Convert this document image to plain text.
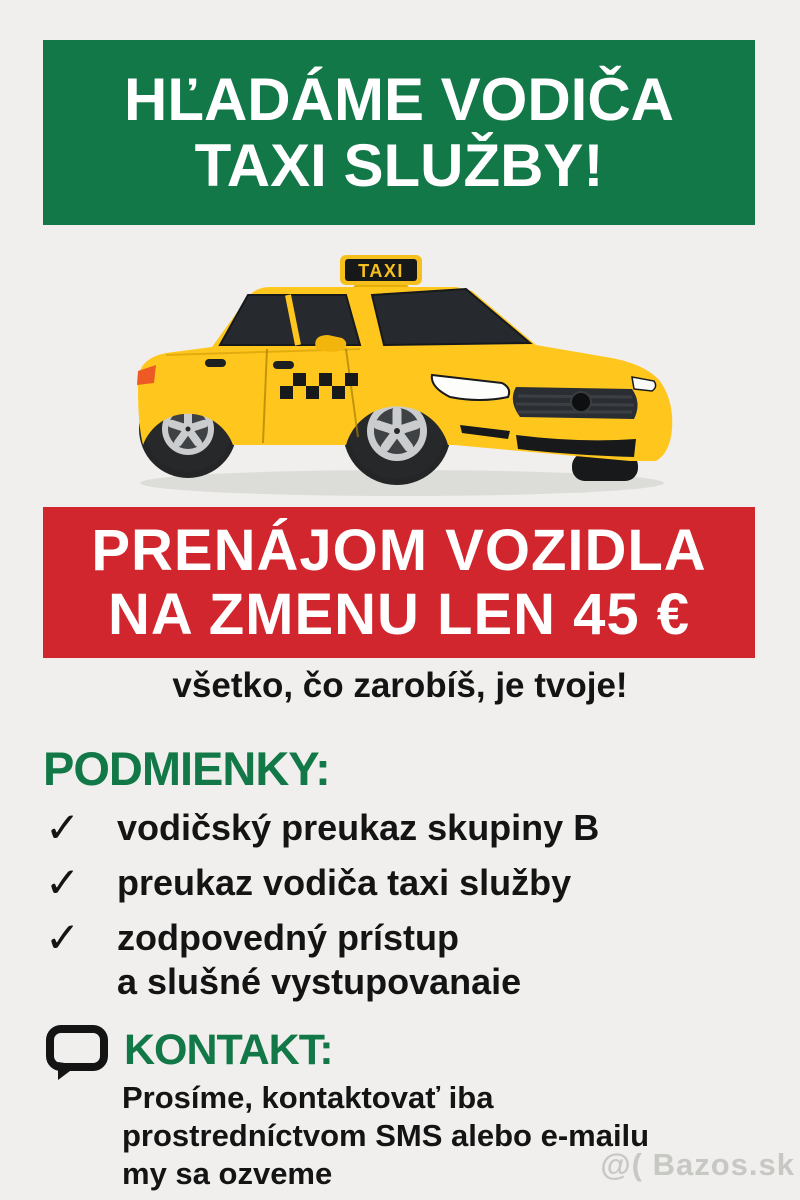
HĽADÁME VODIČA
TAXI SLUŽBY!
TAXI
PRENÁJOM VOZIDLA
NA ZMENU LEN 45 €
všetko, čo zarobíš, je tvoje!
PODMIENKY:
✓	vodičský preukaz skupiny B
✓	preukaz vodiča taxi služby
✓	zodpovedný prístup
a slušné vystupovanaie
KONTAKT:
Prosíme, kontaktovať iba
prostredníctvom SMS alebo e-mailu
my sa ozveme	@( Bazos.sk
